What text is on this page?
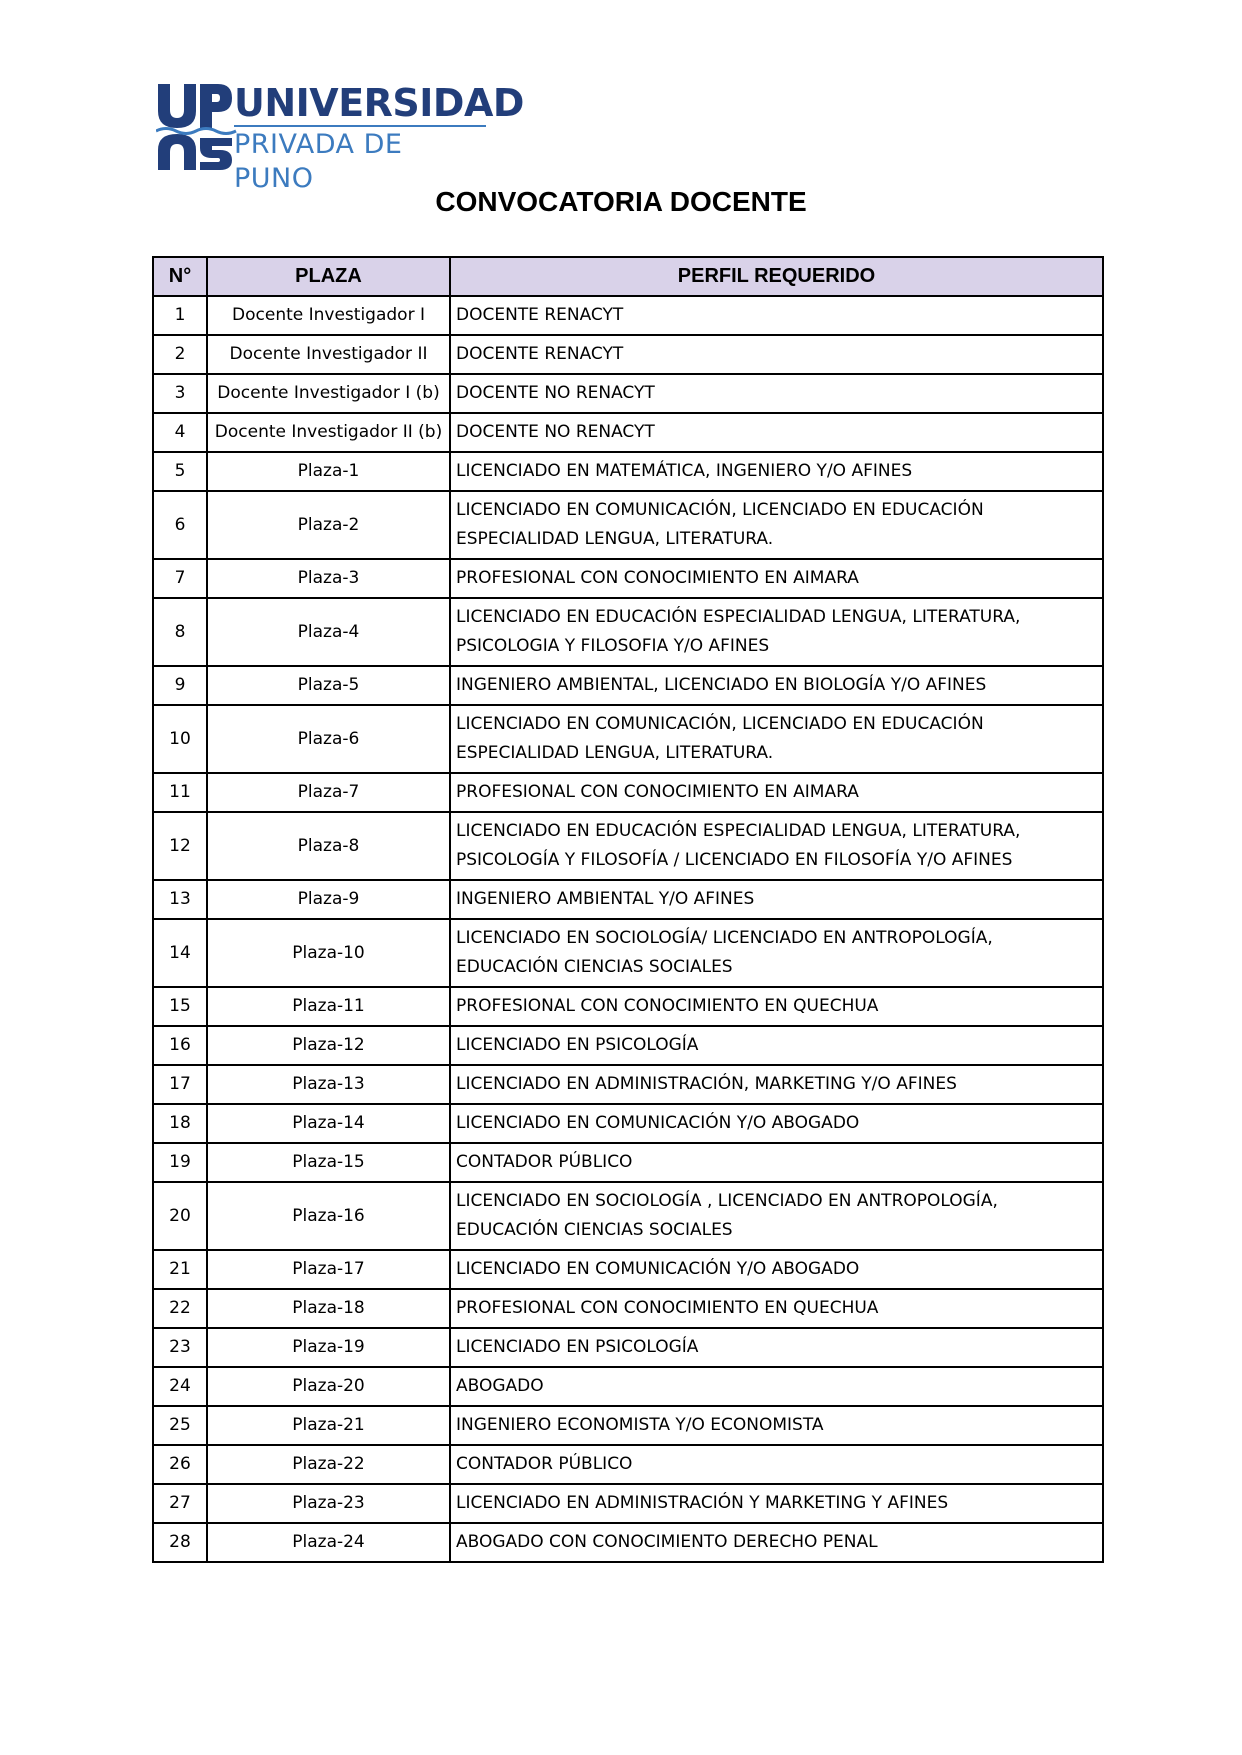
UNIVERSIDAD
PRIVADA DE PUNO
CONVOCATORIA DOCENTE
N°	PLAZA	PERFIL REQUERIDO
1	Docente Investigador I	DOCENTE RENACYT
2	Docente Investigador II	DOCENTE RENACYT
3	Docente Investigador I (b)	DOCENTE NO RENACYT
4	Docente Investigador II (b)	DOCENTE NO RENACYT
5	Plaza-1	LICENCIADO EN MATEMÁTICA, INGENIERO Y/O AFINES
6	Plaza-2	LICENCIADO EN COMUNICACIÓN, LICENCIADO EN EDUCACIÓN ESPECIALIDAD LENGUA, LITERATURA.
7	Plaza-3	PROFESIONAL CON CONOCIMIENTO EN AIMARA
8	Plaza-4	LICENCIADO EN EDUCACIÓN ESPECIALIDAD LENGUA, LITERATURA, PSICOLOGIA Y FILOSOFIA Y/O AFINES
9	Plaza-5	INGENIERO AMBIENTAL, LICENCIADO EN BIOLOGÍA Y/O AFINES
10	Plaza-6	LICENCIADO EN COMUNICACIÓN, LICENCIADO EN EDUCACIÓN ESPECIALIDAD LENGUA, LITERATURA.
11	Plaza-7	PROFESIONAL CON CONOCIMIENTO EN AIMARA
12	Plaza-8	LICENCIADO EN EDUCACIÓN ESPECIALIDAD LENGUA, LITERATURA, PSICOLOGÍA Y FILOSOFÍA / LICENCIADO EN FILOSOFÍA Y/O AFINES
13	Plaza-9	INGENIERO AMBIENTAL Y/O AFINES
14	Plaza-10	LICENCIADO EN SOCIOLOGÍA/ LICENCIADO EN ANTROPOLOGÍA, EDUCACIÓN CIENCIAS SOCIALES
15	Plaza-11	PROFESIONAL CON CONOCIMIENTO EN QUECHUA
16	Plaza-12	LICENCIADO EN PSICOLOGÍA
17	Plaza-13	LICENCIADO EN ADMINISTRACIÓN, MARKETING Y/O AFINES
18	Plaza-14	LICENCIADO EN COMUNICACIÓN Y/O ABOGADO
19	Plaza-15	CONTADOR PÚBLICO
20	Plaza-16	LICENCIADO EN SOCIOLOGÍA , LICENCIADO EN ANTROPOLOGÍA, EDUCACIÓN CIENCIAS SOCIALES
21	Plaza-17	LICENCIADO EN COMUNICACIÓN Y/O ABOGADO
22	Plaza-18	PROFESIONAL CON CONOCIMIENTO EN QUECHUA
23	Plaza-19	LICENCIADO EN PSICOLOGÍA
24	Plaza-20	ABOGADO
25	Plaza-21	INGENIERO ECONOMISTA Y/O ECONOMISTA
26	Plaza-22	CONTADOR PÚBLICO
27	Plaza-23	LICENCIADO EN ADMINISTRACIÓN Y MARKETING Y AFINES
28	Plaza-24	ABOGADO CON CONOCIMIENTO DERECHO PENAL
